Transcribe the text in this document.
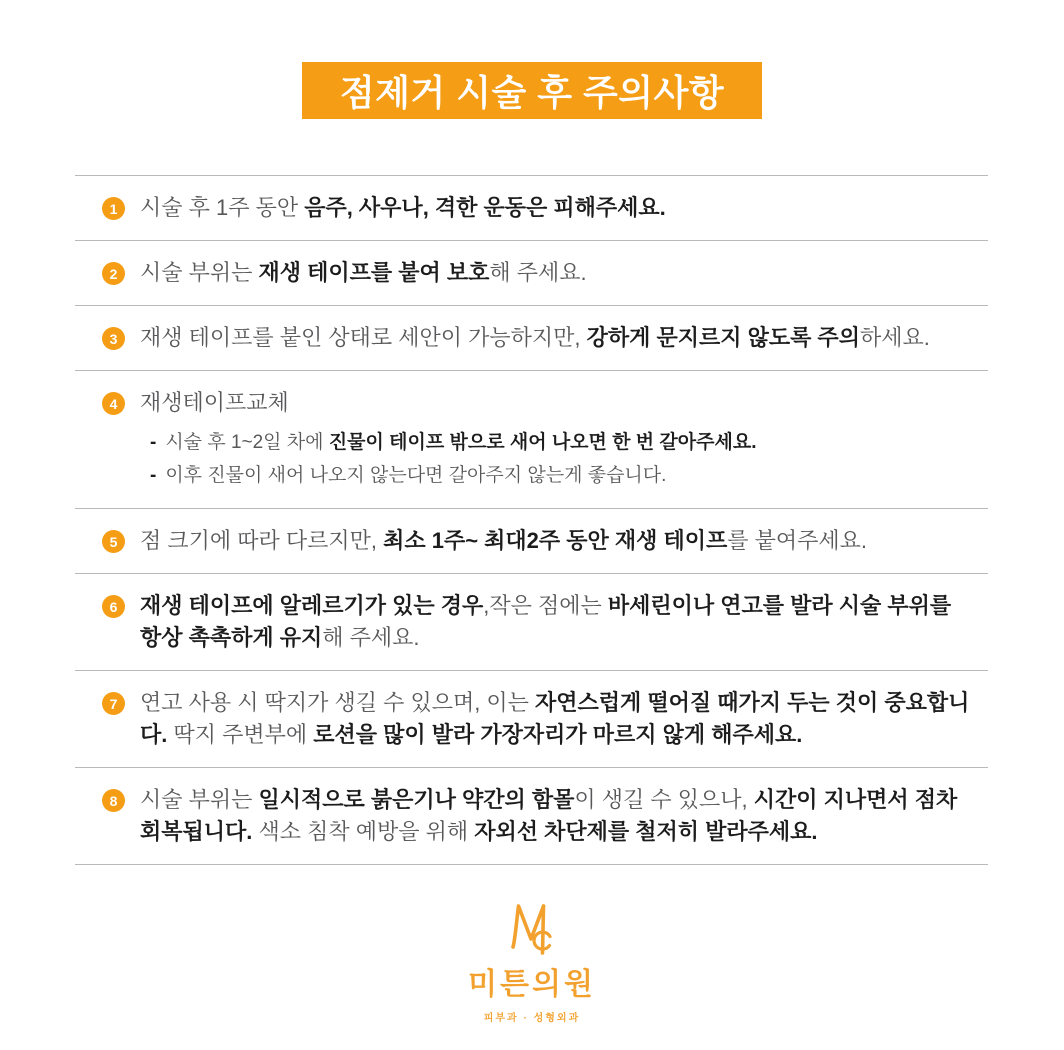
점제거 시술 후 주의사항
1	시술 후 1주 동안 음주, 사우나, 격한 운동은 피해주세요.
2	시술 부위는 재생 테이프를 붙여 보호해 주세요.
3	재생 테이프를 붙인 상태로 세안이 가능하지만, 강하게 문지르지 않도록 주의하세요.
4	재생테이프교체
- 시술 후 1~2일 차에 진물이 테이프 밖으로 새어 나오면 한 번 갈아주세요.
- 이후 진물이 새어 나오지 않는다면 갈아주지 않는게 좋습니다.
5	점 크기에 따라 다르지만, 최소 1주~ 최대2주 동안 재생 테이프를 붙여주세요.
6	재생 테이프에 알레르기가 있는 경우,작은 점에는 바세린이나 연고를 발라 시술 부위를 항상 촉촉하게 유지해 주세요.
7	연고 사용 시 딱지가 생길 수 있으며, 이는 자연스럽게 떨어질 때가지 두는 것이 중요합니다. 딱지 주변부에 로션을 많이 발라 가장자리가 마르지 않게 해주세요.
8	시술 부위는 일시적으로 붉은기나 약간의 함몰이 생길 수 있으나, 시간이 지나면서 점차 회복됩니다. 색소 침착 예방을 위해 자외선 차단제를 철저히 발라주세요.
미튼의원
피부과 · 성형외과
